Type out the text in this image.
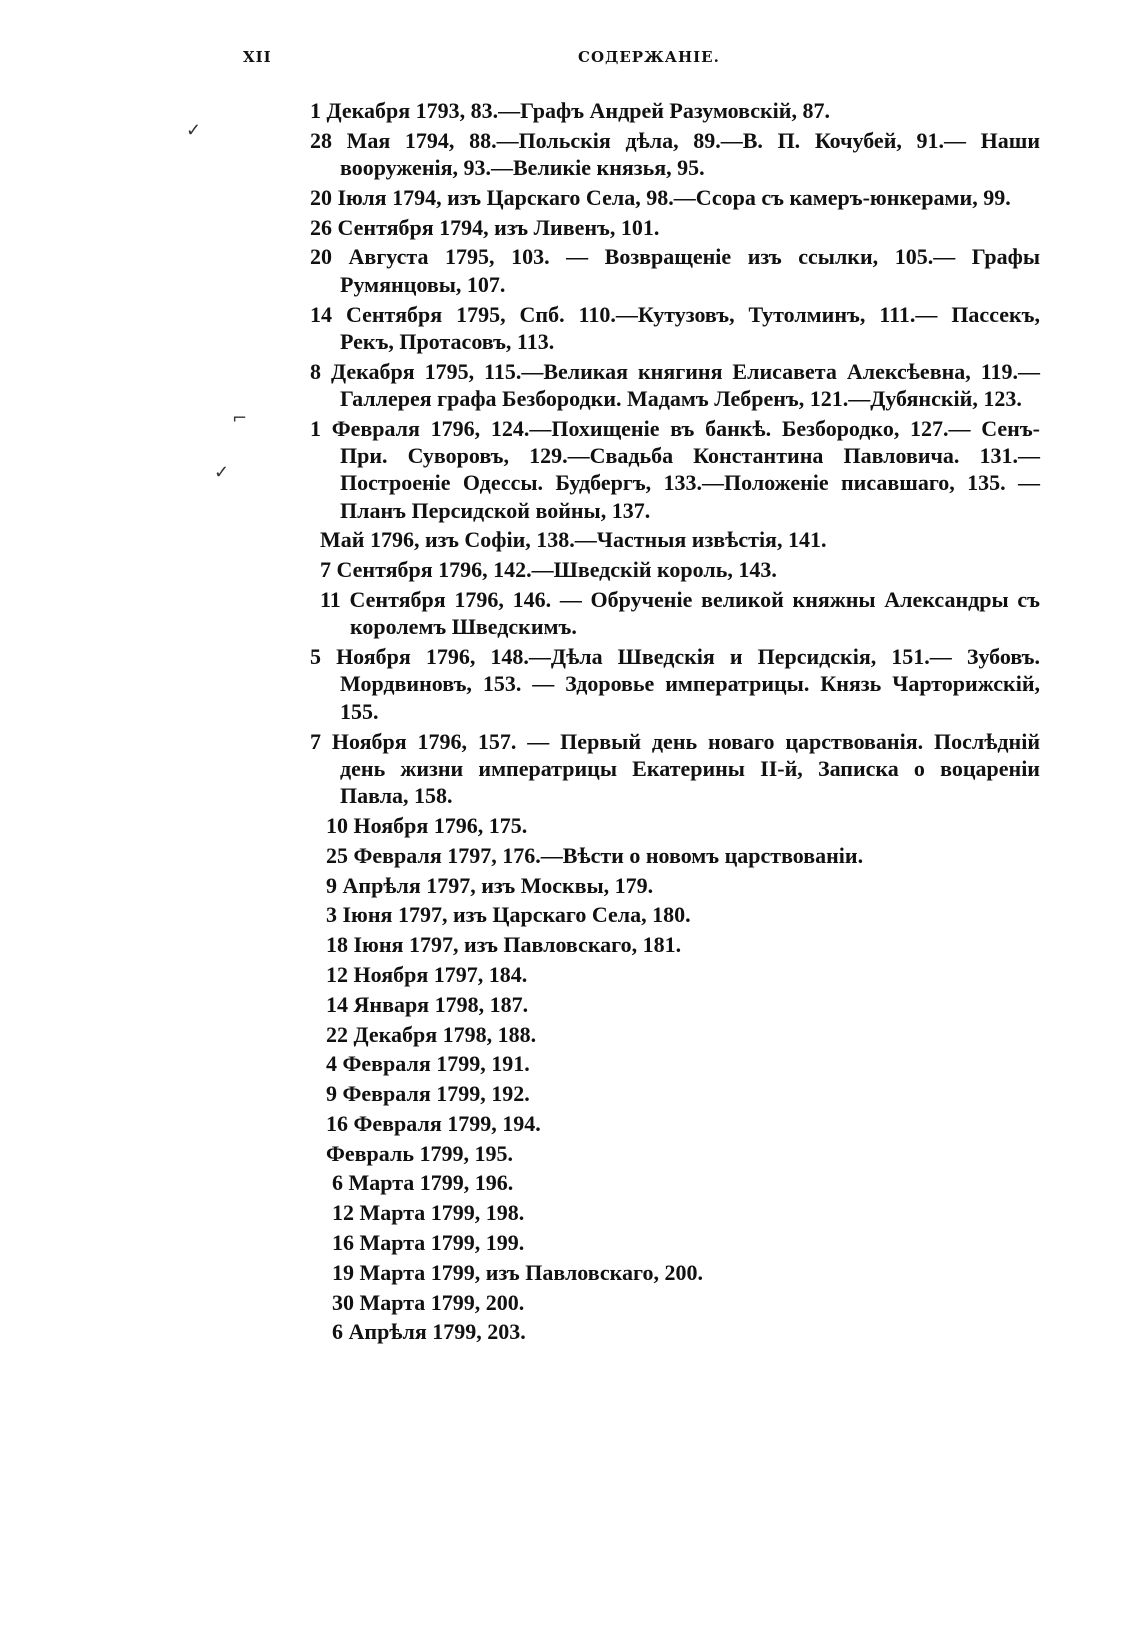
XII	СОДЕРЖАНІЕ.
✓
⌐
✓
1 Декабря 1793, 83.—Графъ Андрей Разумовскій, 87.
28 Мая 1794, 88.—Польскія дѣла, 89.—В. П. Кочубей, 91.— Наши вооруженія, 93.—Великіе князья, 95.
20 Іюля 1794, изъ Царскаго Села, 98.—Ссора съ камеръ-юнкерами, 99.
26 Сентября 1794, изъ Ливенъ, 101.
20 Августа 1795, 103. — Возвращеніе изъ ссылки, 105.— Графы Румянцовы, 107.
14 Сентября 1795, Спб. 110.—Кутузовъ, Тутолминъ, 111.— Пассекъ, Рекъ, Протасовъ, 113.
8 Декабря 1795, 115.—Великая княгиня Елисавета Алексѣевна, 119.—Галлерея графа Безбородки. Мадамъ Лебренъ, 121.—Дубянскій, 123.
1 Февраля 1796, 124.—Похищеніе въ банкѣ. Безбородко, 127.— Сенъ-При. Суворовъ, 129.—Свадьба Константина Павловича. 131.—Построеніе Одессы. Будбергъ, 133.—Положеніе писавшаго, 135. —Планъ Персидской войны, 137.
Май 1796, изъ Софіи, 138.—Частныя извѣстія, 141.
7 Сентября 1796, 142.—Шведскій король, 143.
11 Сентября 1796, 146. — Обрученіе великой княжны Александры съ королемъ Шведскимъ.
5 Ноября 1796, 148.—Дѣла Шведскія и Персидскія, 151.— Зубовъ. Мордвиновъ, 153. — Здоровье императрицы. Князь Чарторижскій, 155.
7 Ноября 1796, 157. — Первый день новаго царствованія. Послѣдній день жизни императрицы Екатерины II-й, Записка о воцареніи Павла, 158.
10 Ноября 1796, 175.
25 Февраля 1797, 176.—Вѣсти о новомъ царствованіи.
9 Апрѣля 1797, изъ Москвы, 179.
3 Іюня 1797, изъ Царскаго Села, 180.
18 Іюня 1797, изъ Павловскаго, 181.
12 Ноября 1797, 184.
14 Января 1798, 187.
22 Декабря 1798, 188.
4 Февраля 1799, 191.
9 Февраля 1799, 192.
16 Февраля 1799, 194.
Февраль 1799, 195.
6 Марта 1799, 196.
12 Марта 1799, 198.
16 Марта 1799, 199.
19 Марта 1799, изъ Павловскаго, 200.
30 Марта 1799, 200.
6 Апрѣля 1799, 203.
